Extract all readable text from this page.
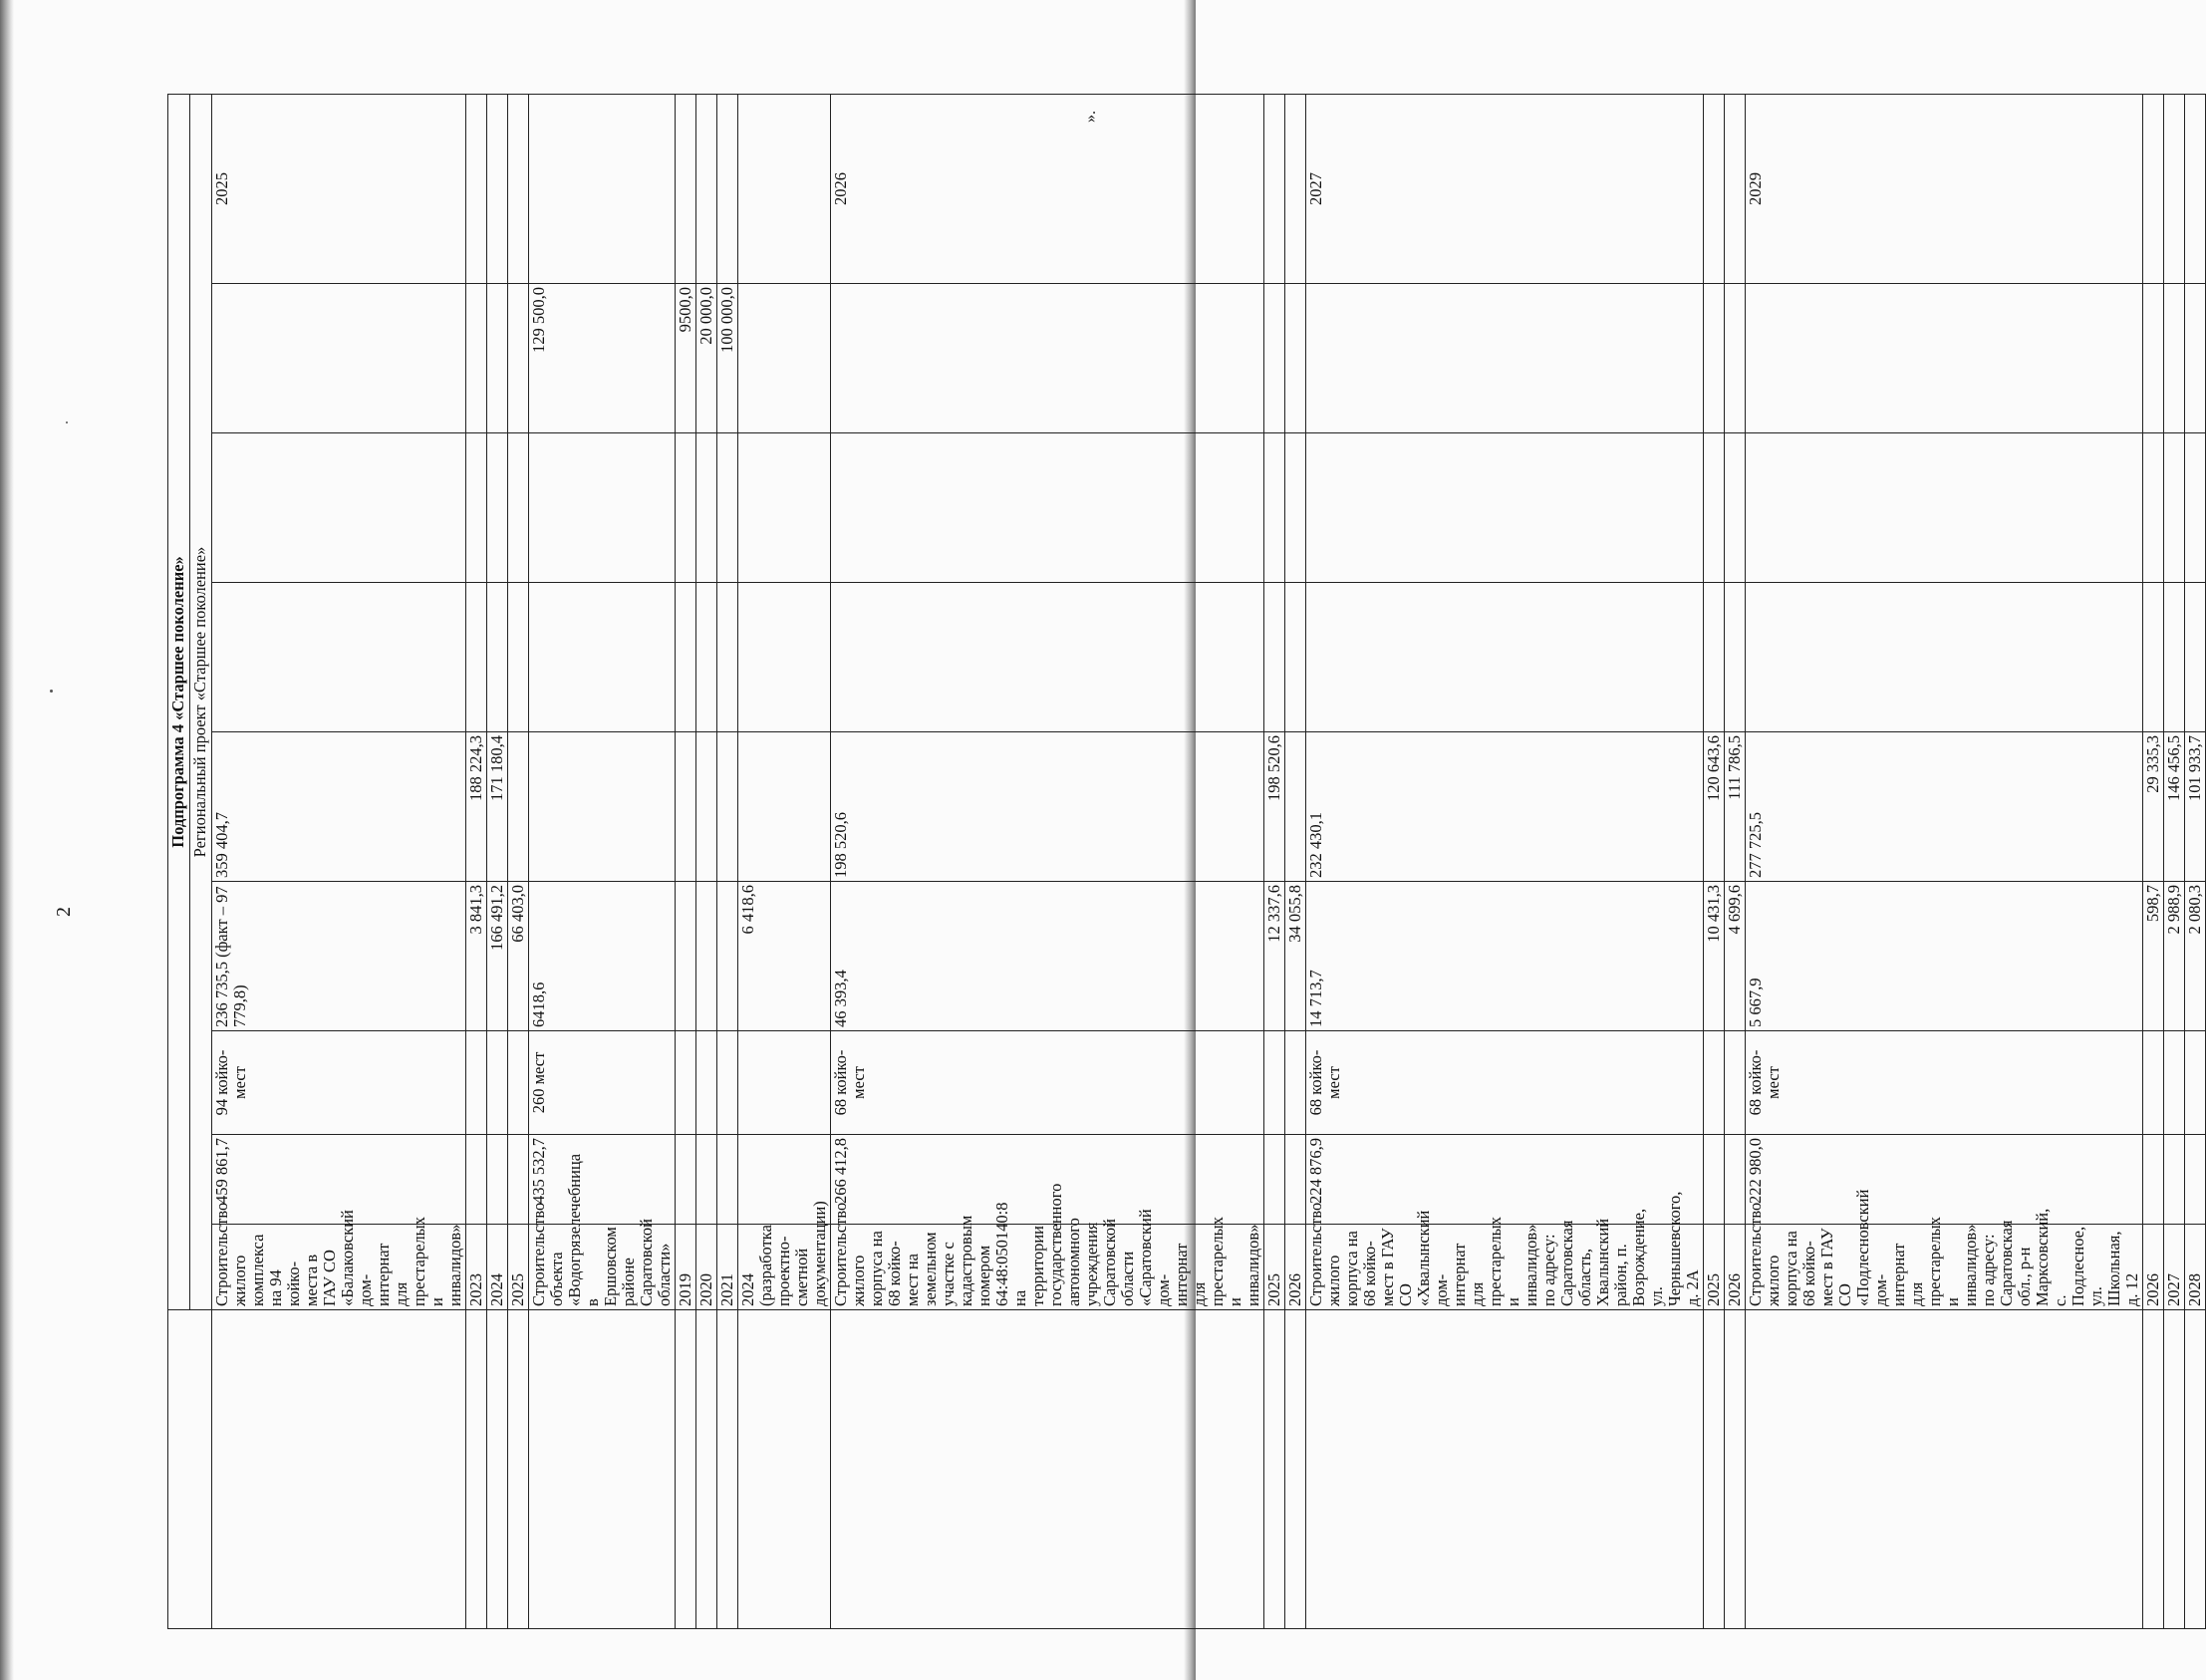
2
	Подпрограмма 4 «Старшее поколение»								
	Региональный проект «Старшее поколение»								
	Строительство жилого комплекса на 94 койко-места в ГАУ СО «Балаковский дом-интернат для престарелых и инвалидов»	459 861,7	94 койко-мест	236 735,5 (факт – 97 779,8)	359 404,7				2025
	2023			3 841,3	188 224,3				
	2024			166 491,2	171 180,4				
	2025			66 403,0					
	Строительство объекта «Водогрязелечебница в Ершовском районе Саратовской области»	435 532,7	260 мест	6418,6				129 500,0	
	2019							9500,0	
	2020							20 000,0	
	2021							100 000,0	
	2024 (разработка проектно-сметной документации)			6 418,6					
	Строительство жилого корпуса на 68 койко-мест на земельном участке с кадастровым номером 64:48:050140:8 на территории государственного автономного учреждения Саратовской области «Саратовский дом-интернат для престарелых и инвалидов»	266 412,8	68 койко-мест	46 393,4	198 520,6				2026
	2025			12 337,6	198 520,6				
	2026			34 055,8					
	Строительство жилого корпуса на 68 койко-мест в ГАУ СО «Хвалынский дом-интернат для престарелых и инвалидов» по адресу: Саратовская область, Хвалынский район, п. Возрождение, ул. Чернышевского, д. 2А	224 876,9	68 койко-мест	14 713,7	232 430,1				2027
	2025			10 431,3	120 643,6				
	2026			4 699,6	111 786,5				
	Строительство жилого корпуса на 68 койко-мест в ГАУ СО «Подлесновский дом-интернат для престарелых и инвалидов» по адресу: Саратовская обл., р-н Марксовский, с. Подлесное, ул. Школьная, д. 12	222 980,0	68 койко-мест	5 667,9	277 725,5				2029
	2026			598,7	29 335,3				
	2027			2 988,9	146 456,5				
	2028			2 080,3	101 933,7				
».
